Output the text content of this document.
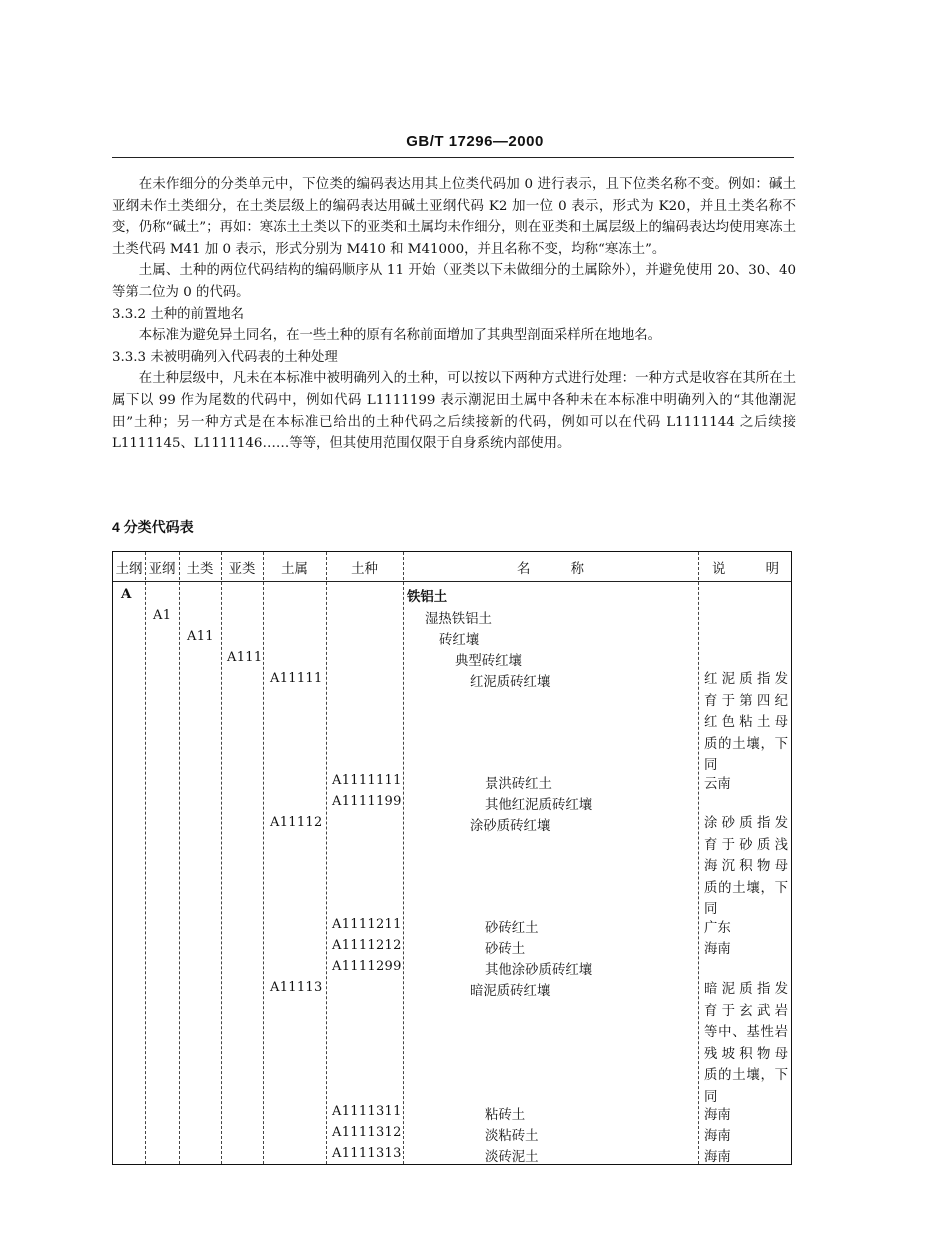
GB/T 17296—2000

在未作细分的分类单元中，下位类的编码表达用其上位类代码加 0 进行表示，且下位类名称不变。例如：碱土亚纲未作土类细分，在土类层级上的编码表达用碱土亚纲代码 K2 加一位 0 表示，形式为 K20，并且土类名称不变，仍称“碱土”；再如：寒冻土土类以下的亚类和土属均未作细分，则在亚类和土属层级上的编码表达均使用寒冻土土类代码 M41 加 0 表示，形式分别为 M410 和 M41000，并且名称不变，均称“寒冻土”。

土属、土种的两位代码结构的编码顺序从 11 开始（亚类以下未做细分的土属除外），并避免使用 20、30、40 等第二位为 0 的代码。

3.3.2 土种的前置地名

本标准为避免异土同名，在一些土种的原有名称前面增加了其典型剖面采样所在地地名。

3.3.3 未被明确列入代码表的土种处理

在土种层级中，凡未在本标准中被明确列入的土种，可以按以下两种方式进行处理：一种方式是收容在其所在土属下以 99 作为尾数的代码中，例如代码 L1111199 表示潮泥田土属中各种未在本标准中明确列入的“其他潮泥田”土种；另一种方式是在本标准已给出的土种代码之后续接新的代码，例如可以在代码 L1111144 之后续接 L1111145、L1111146……等等，但其使用范围仅限于自身系统内部使用。

4 分类代码表
土纲 亚纲 土类	亚类	土属	土种	名　　　称	说　　　明
A	铁铝土
A1	湿热铁铝土
A11	砖红壤
A111	典型砖红壤
A11111	红泥质砖红壤	红泥质指发
育于第四纪
红色粘土母
质的土壤，下
同
A1111111	景洪砖红土	云南
A1111199	其他红泥质砖红壤
A11112	涂砂质砖红壤	涂砂质指发
育于砂质浅
海沉积物母
质的土壤，下
同
A1111211	砂砖红土	广东
A1111212	砂砖土	海南
A1111299	其他涂砂质砖红壤
A11113	暗泥质砖红壤	暗泥质指发
育于玄武岩
等中、基性岩
残坡积物母
质的土壤，下
同
A1111311	粘砖土	海南
A1111312	淡粘砖土	海南
A1111313	淡砖泥土	海南
